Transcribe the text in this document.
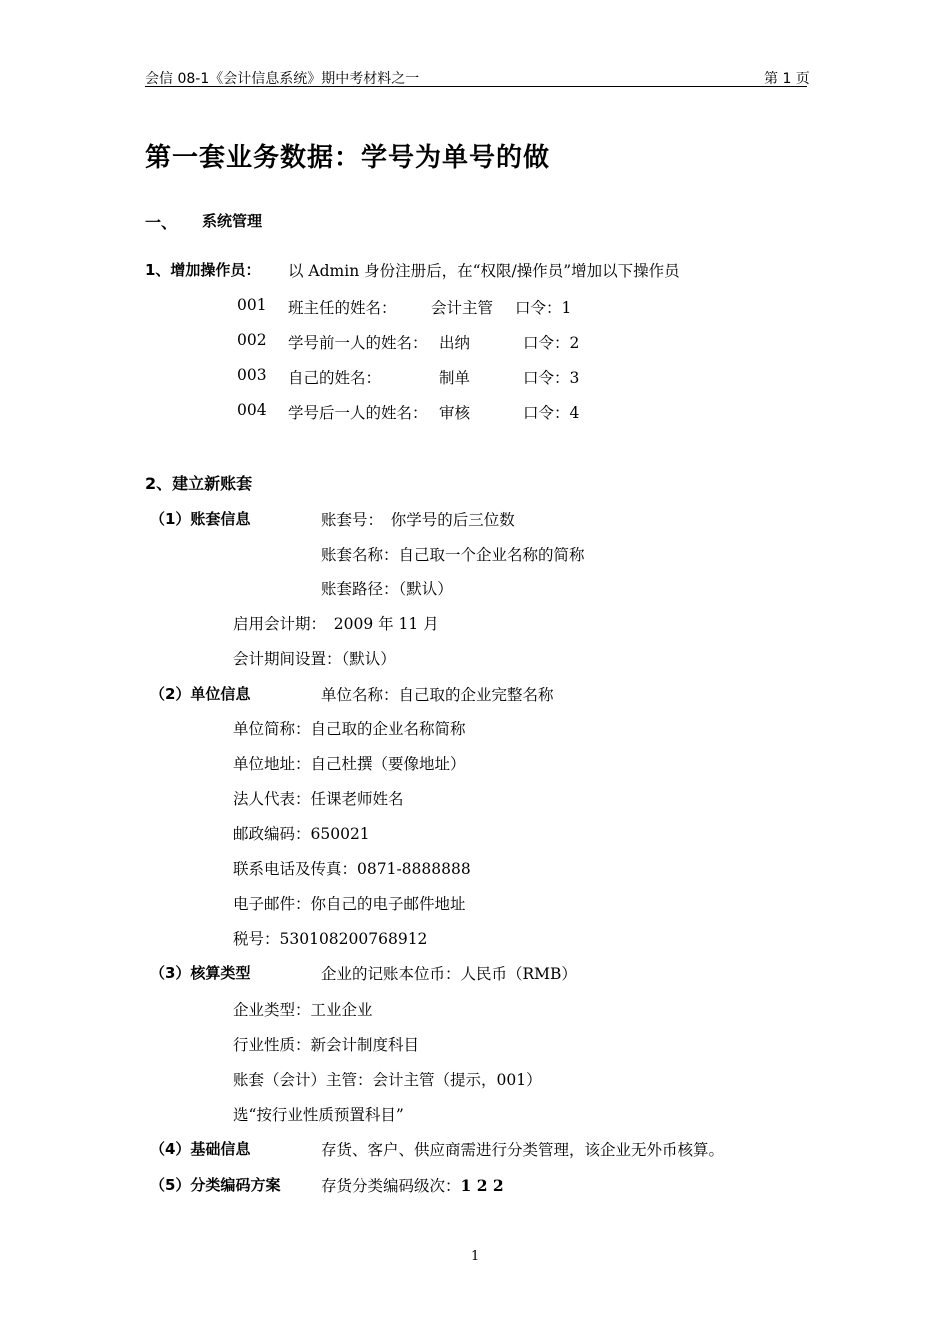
会信 08-1《会计信息系统》期中考材料之一	第 1 页
第一套业务数据：学号为单号的做
一、 系统管理
1、增加操作员： 以 Admin 身份注册后，在“权限/操作员”增加以下操作员
001 班主任的姓名： 会计主管 口令：1
002 学号前一人的姓名： 出纳	口令：2
003 自己的姓名：	制单	口令：3
004 学号后一人的姓名： 审核	口令：4
2、建立新账套
（1）账套信息	账套号：　你学号的后三位数
账套名称：自己取一个企业名称的简称
账套路径：（默认）
启用会计期：　2009 年 11 月
会计期间设置：（默认）
（2）单位信息	单位名称：自己取的企业完整名称
单位简称：自己取的企业名称简称
单位地址：自己杜撰（要像地址）
法人代表：任课老师姓名
邮政编码：650021
联系电话及传真：0871-8888888
电子邮件：你自己的电子邮件地址
税号：530108200768912
（3）核算类型	企业的记账本位币：人民币（RMB）
企业类型：工业企业
行业性质：新会计制度科目
账套（会计）主管：会计主管（提示，001）
选“按行业性质预置科目”
（4）基础信息	存货、客户、供应商需进行分类管理，该企业无外币核算。
（5）分类编码方案	存货分类编码级次：1 2 2
1
